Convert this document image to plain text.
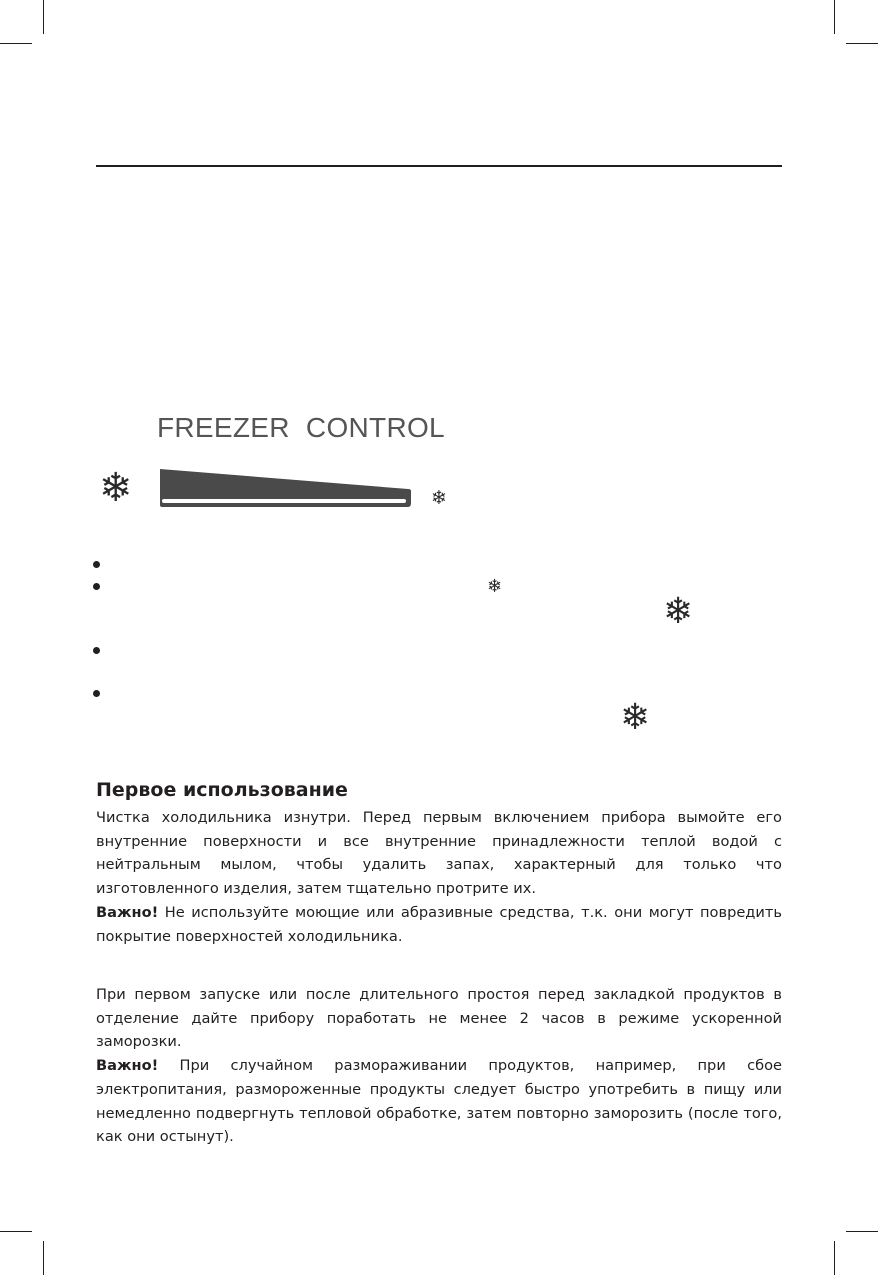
FREEZER  CONTROL
❄	❄
❄
❄
❄
Первое использование

Чистка холодильника изнутри. Перед первым включением прибора вымойте его внутренние поверхности и все внутренние принадлежности теплой водой с нейтральным мылом, чтобы удалить запах, характерный для только что изготовленного изделия, затем тщательно протрите их.

Важно! Не используйте моющие или абразивные средства, т.к. они могут повредить покрытие поверхностей холодильника.

При первом запуске или после длительного простоя перед закладкой продуктов в отделение дайте прибору поработать не менее 2 часов в режиме ускоренной заморозки.

Важно! При случайном размораживании продуктов, например, при сбое электропитания, размороженные продукты следует быстро употребить в пищу или немедленно подвергнуть тепловой обработке, затем повторно заморозить (после того, как они остынут).
